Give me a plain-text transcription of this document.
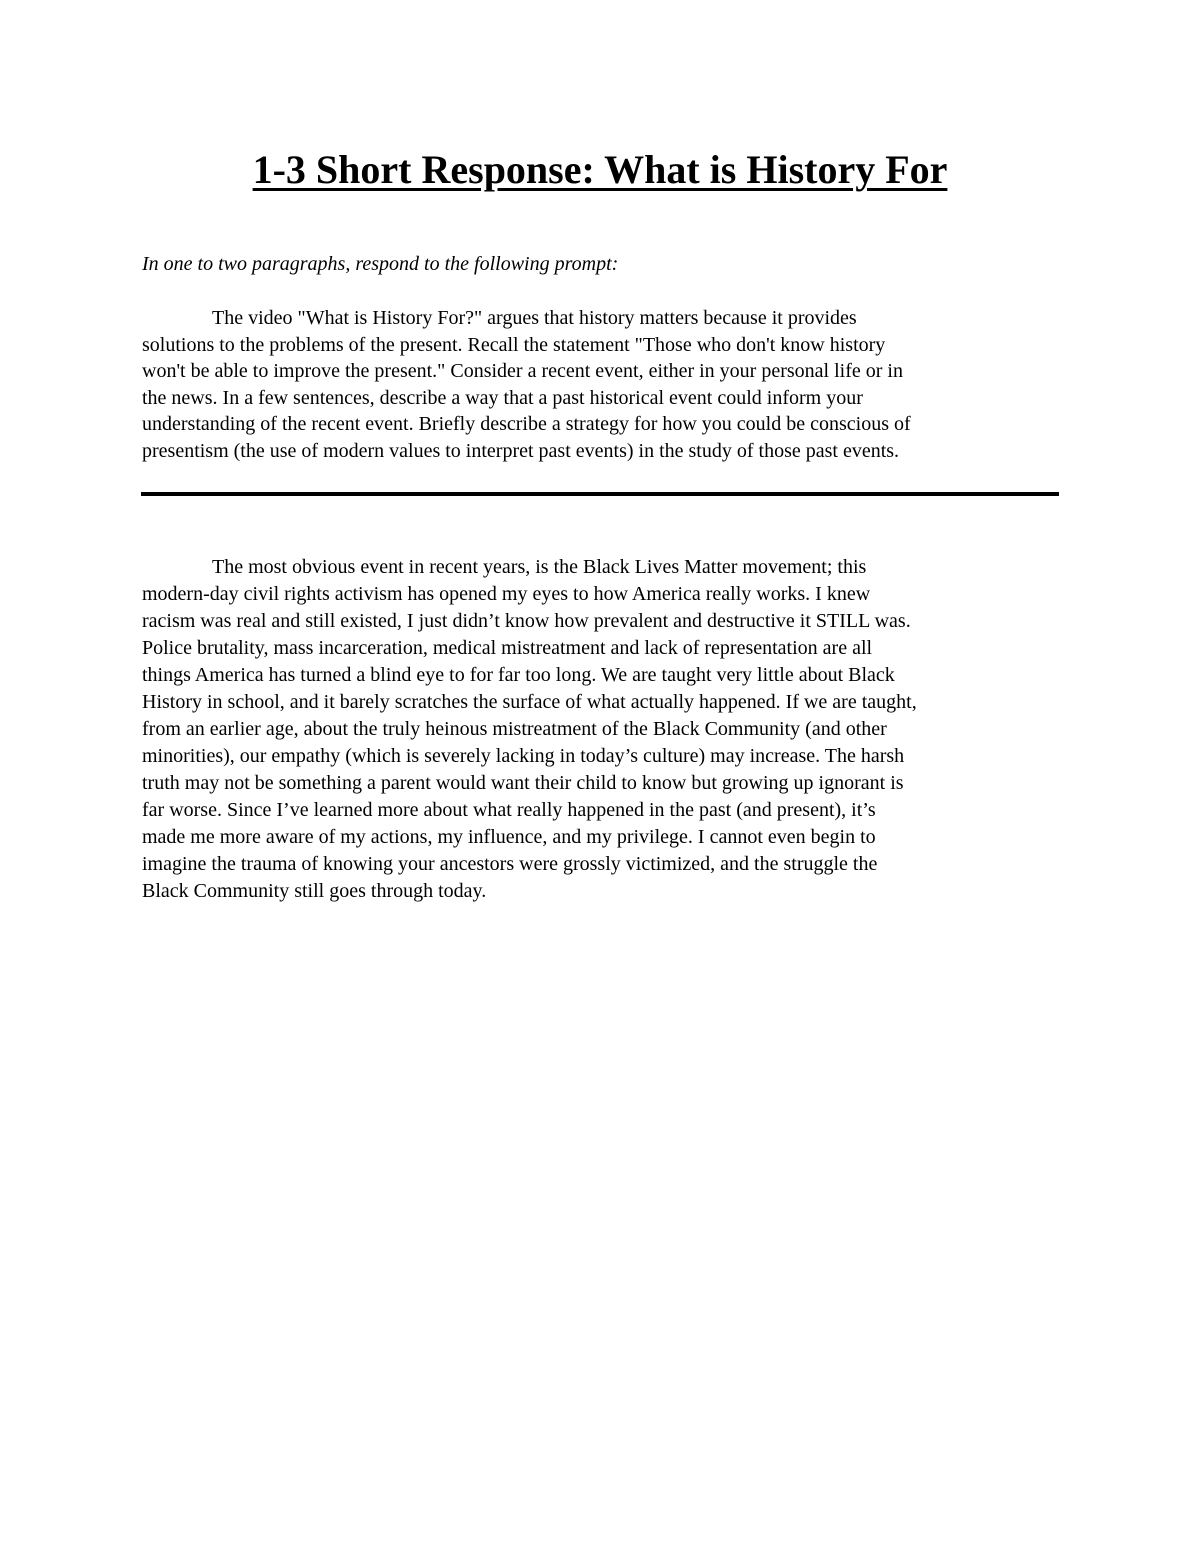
1-3 Short Response: What is History For

In one to two paragraphs, respond to the following prompt:

The video "What is History For?" argues that history matters because it provides
solutions to the problems of the present. Recall the statement "Those who don't know history
won't be able to improve the present." Consider a recent event, either in your personal life or in
the news. In a few sentences, describe a way that a past historical event could inform your
understanding of the recent event. Briefly describe a strategy for how you could be conscious of
presentism (the use of modern values to interpret past events) in the study of those past events.
The most obvious event in recent years, is the Black Lives Matter movement; this
modern-day civil rights activism has opened my eyes to how America really works. I knew
racism was real and still existed, I just didn’t know how prevalent and destructive it STILL was.
Police brutality, mass incarceration, medical mistreatment and lack of representation are all
things America has turned a blind eye to for far too long. We are taught very little about Black
History in school, and it barely scratches the surface of what actually happened. If we are taught,
from an earlier age, about the truly heinous mistreatment of the Black Community (and other
minorities), our empathy (which is severely lacking in today’s culture) may increase. The harsh
truth may not be something a parent would want their child to know but growing up ignorant is
far worse. Since I’ve learned more about what really happened in the past (and present), it’s
made me more aware of my actions, my influence, and my privilege. I cannot even begin to
imagine the trauma of knowing your ancestors were grossly victimized, and the struggle the
Black Community still goes through today.
